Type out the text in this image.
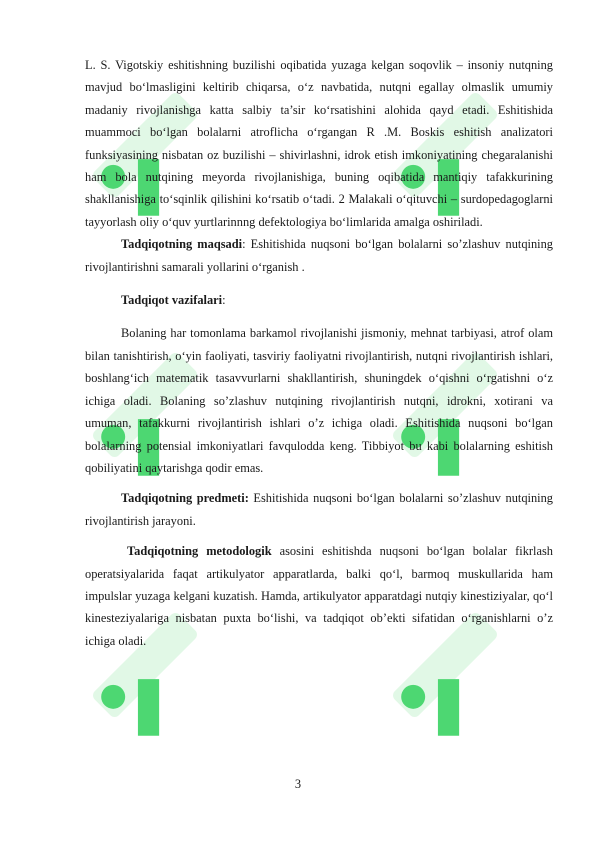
L. S. Vigotskiy eshitishning buzilishi oqibatida yuzaga kelgan soqovlik – insoniy nutqning mavjud bo‘lmasligini keltirib chiqarsa, o‘z navbatida, nutqni egallay olmaslik umumiy madaniy rivojlanishga katta salbiy ta’sir ko‘rsatishini alohida qayd etadi. Eshitishida muammoci bo‘lgan bolalarni atroflicha o‘rgangan R .M. Boskis eshitish analizatori funksiyasining nisbatan oz buzilishi – shivirlashni, idrok etish imkoniyatining chegaralanishi ham bola nutqining meyorda rivojlanishiga, buning oqibatida mantiqiy tafakkurining shakllanishiga to‘sqinlik qilishini ko‘rsatib o‘tadi. 2 Malakali o‘qituvchi – surdopedagoglarni tayyorlash oliy o‘quv yurtlarinnng defektologiya bo‘limlarida amalga oshiriladi.

Tadqiqotning maqsadi: Eshitishida nuqsoni bo‘lgan bolalarni so’zlashuv nutqining rivojlantirishni samarali yollarini o‘rganish .

Tadqiqot vazifalari:

Bolaning har tomonlama barkamol rivojlanishi jismoniy, mehnat tarbiyasi, atrof olam bilan tanishtirish, o‘yin faoliyati, tasviriy faoliyatni rivojlantirish, nutqni rivojlantirish ishlari, boshlang‘ich matematik tasavvurlarni shakllantirish, shuningdek o‘qishni o‘rgatishni o‘z ichiga oladi. Bolaning so’zlashuv nutqining rivojlantirish nutqni, idrokni, xotirani va umuman, tafakkurni rivojlantirish ishlari o’z ichiga oladi. Eshitishida nuqsoni bo‘lgan bolalarning potensial imkoniyatlari favqulodda keng. Tibbiyot bu kabi bolalarning eshitish qobiliyatini qaytarishga qodir emas.

Tadqiqotning predmeti: Eshitishida nuqsoni bo‘lgan bolalarni so’zlashuv nutqining rivojlantirish jarayoni.

Tadqiqotning metodologik asosini eshitishda nuqsoni bo‘lgan bolalar fikrlash operatsiyalarida faqat artikulyator apparatlarda, balki qo‘l, barmoq muskullarida ham impulslar yuzaga kelgani kuzatish. Hamda, artikulyator apparatdagi nutqiy kinestiziyalar, qo‘l kinesteziyalariga nisbatan puxta bo‘lishi, va tadqiqot ob’ekti sifatidan o‘rganishlarni o’z ichiga oladi.

3
